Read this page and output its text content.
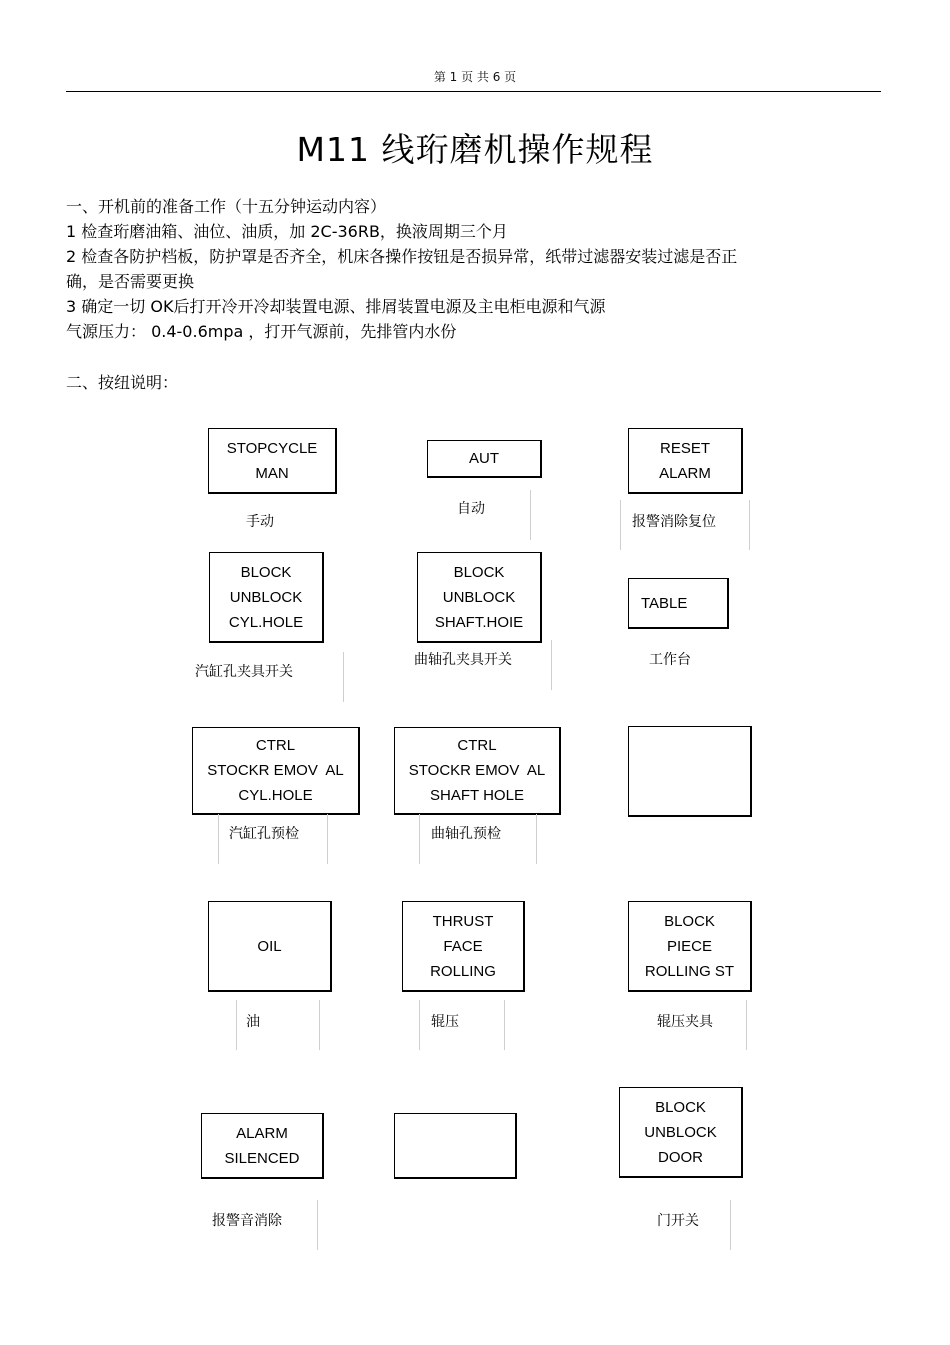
第 1 页 共 6 页
M11 线珩磨机操作规程
一、开机前的准备工作（十五分钟运动内容）
1 检查珩磨油箱、油位、油质，加 2C-36RB，换液周期三个月
2 检查各防护档板，防护罩是否齐全，机床各操作按钮是否损异常，纸带过滤器安装过滤是否正
确，是否需要更换
3 确定一切 OK后打开冷开冷却装置电源、排屑装置电源及主电柜电源和气源
气源压力： 0.4-0.6mpa ，打开气源前，先排管内水份
二、按纽说明：
STOPCYCLE
MAN
手动
AUT
自动
RESET
ALARM
报警消除复位
BLOCK
UNBLOCK
CYL.HOLE
汽缸孔夹具开关
BLOCK
UNBLOCK
SHAFT.HOIE
曲轴孔夹具开关
TABLE
工作台
CTRL
STOCKR EMOV  AL
CYL.HOLE
汽缸孔预检
CTRL
STOCKR EMOV  AL
SHAFT HOLE
曲轴孔预检
OIL
油
THRUST
FACE
ROLLING
辊压
BLOCK
PIECE
ROLLING ST
辊压夹具
ALARM
SILENCED
报警音消除
BLOCK
UNBLOCK
DOOR
门开关
